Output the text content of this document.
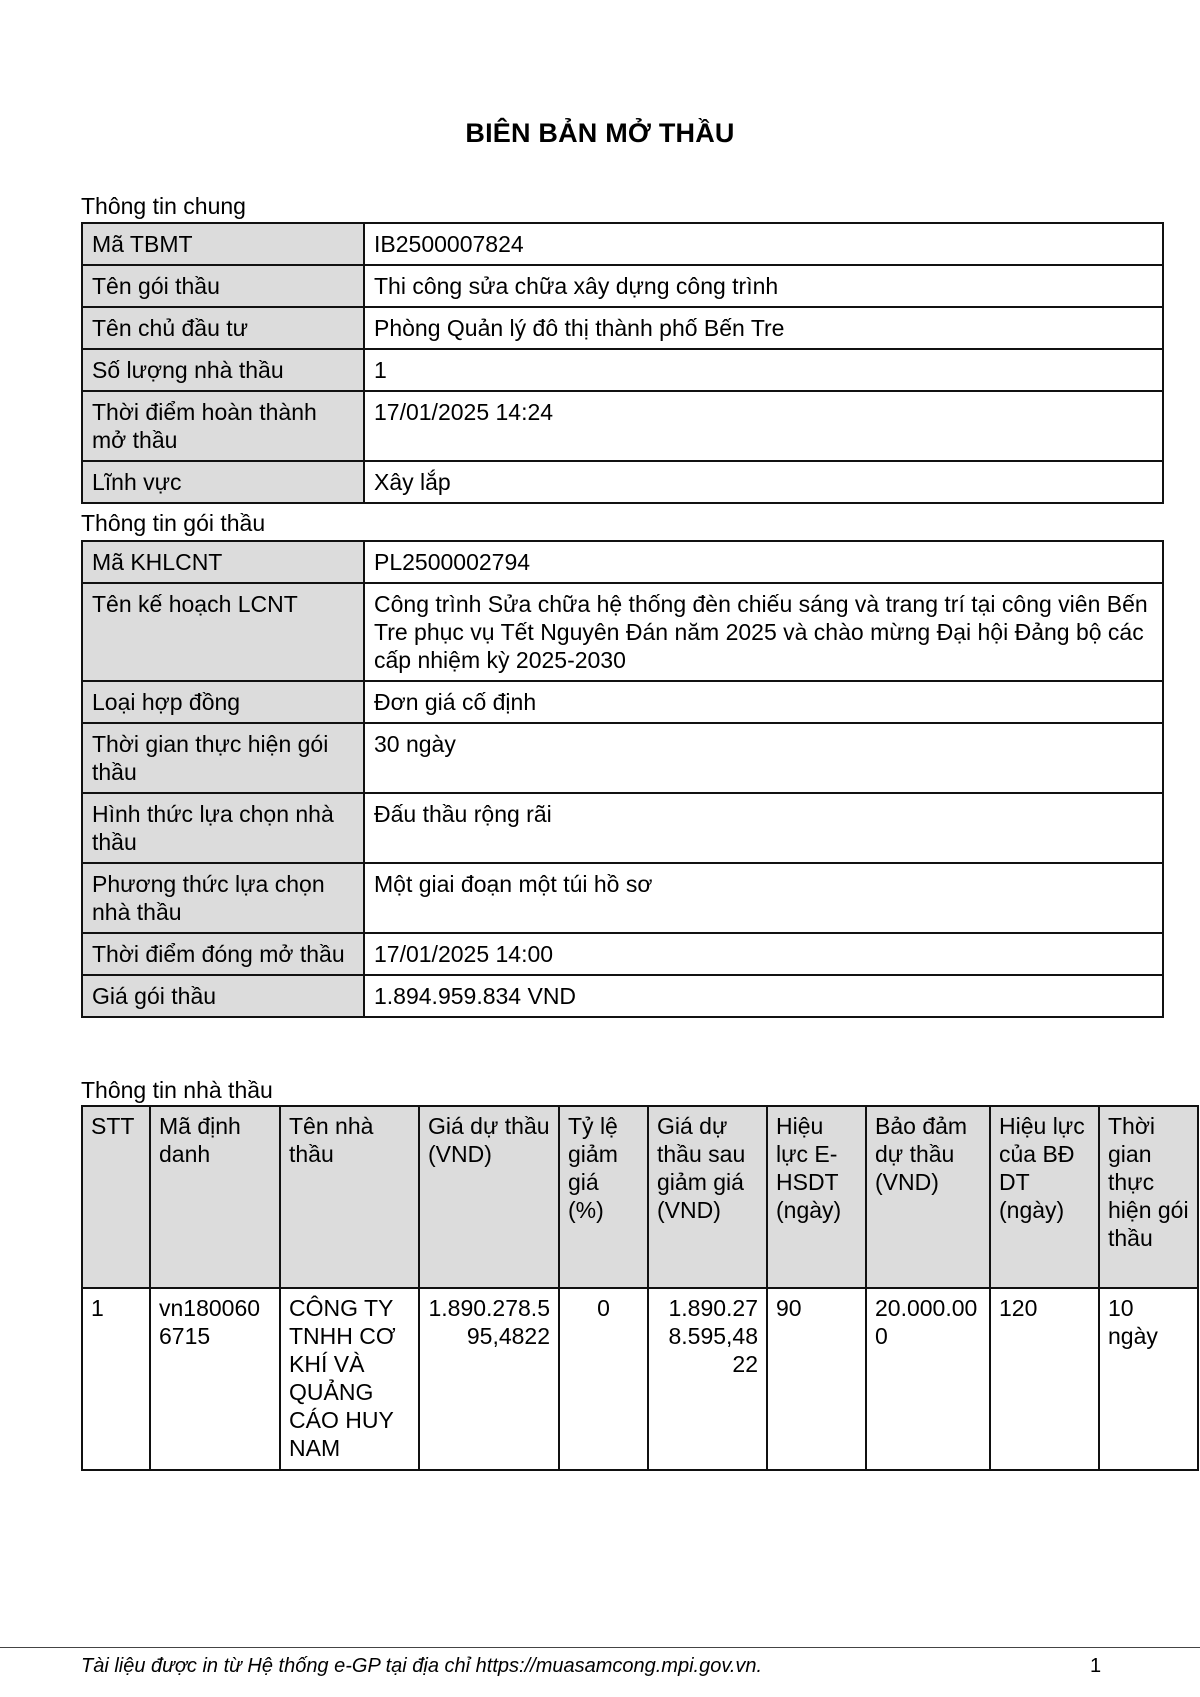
BIÊN BẢN MỞ THẦU
Thông tin chung
Mã TBMT	IB2500007824
Tên gói thầu	Thi công sửa chữa xây dựng công trình
Tên chủ đầu tư	Phòng Quản lý đô thị thành phố Bến Tre
Số lượng nhà thầu	1
Thời điểm hoàn thành mở thầu	17/01/2025 14:24
Lĩnh vực	Xây lắp
Thông tin gói thầu
Mã KHLCNT	PL2500002794
Tên kế hoạch LCNT	Công trình Sửa chữa hệ thống đèn chiếu sáng và trang trí tại công viên Bến Tre phục vụ Tết Nguyên Đán năm 2025 và chào mừng Đại hội Đảng bộ các cấp nhiệm kỳ 2025-2030
Loại hợp đồng	Đơn giá cố định
Thời gian thực hiện gói thầu	30 ngày
Hình thức lựa chọn nhà thầu	Đấu thầu rộng rãi
Phương thức lựa chọn nhà thầu	Một giai đoạn một túi hồ sơ
Thời điểm đóng mở thầu	17/01/2025 14:00
Giá gói thầu	1.894.959.834 VND
Thông tin nhà thầu
STT	Mã định danh	Tên nhà thầu	Giá dự thầu (VND)	Tỷ lệ giảm giá (%)	Giá dự thầu sau giảm giá (VND)	Hiệu lực E-HSDT (ngày)	Bảo đảm dự thầu (VND)	Hiệu lực của BĐ DT (ngày)	Thời gian thực hiện gói thầu
1	vn1800606715	CÔNG TY TNHH CƠ KHÍ VÀ QUẢNG CÁO HUY NAM	1.890.278.595,4822	0	1.890.278.595,4822	90	20.000.000	120	10 ngày
Tài liệu được in từ Hệ thống e-GP tại địa chỉ https://muasamcong.mpi.gov.vn.	1
